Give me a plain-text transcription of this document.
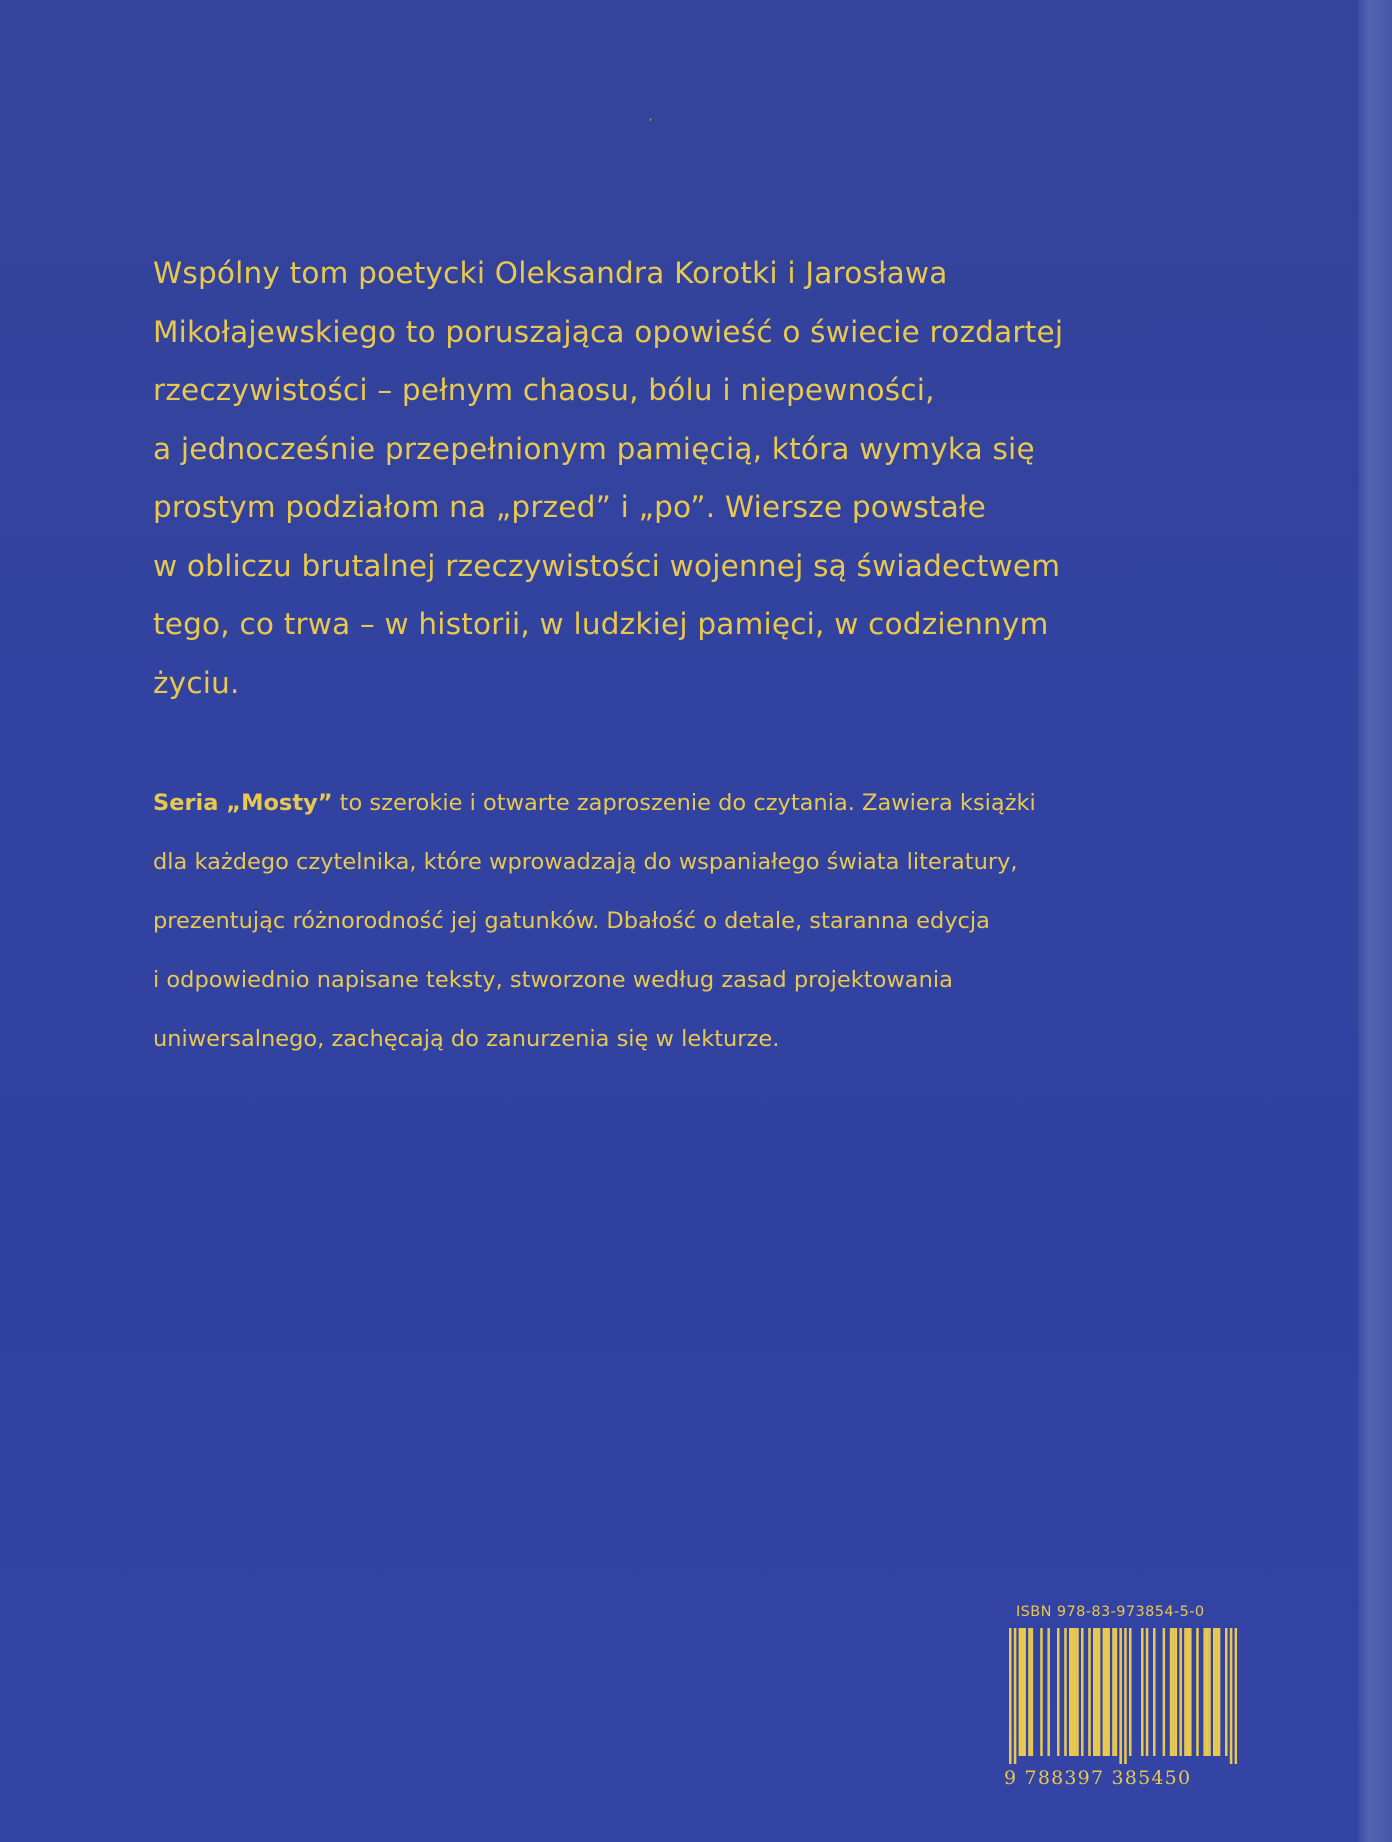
,

Wspólny tom poetycki Oleksandra Korotki i Jarosława
Mikołajewskiego to poruszająca opowieść o świecie rozdartej
rzeczywistości – pełnym chaosu, bólu i niepewności,
a jednocześnie przepełnionym pamięcią, która wymyka się
prostym podziałom na „przed” i „po”. Wiersze powstałe
w obliczu brutalnej rzeczywistości wojennej są świadectwem
tego, co trwa – w historii, w ludzkiej pamięci, w codziennym
życiu.

Seria „Mosty” to szerokie i otwarte zaproszenie do czytania. Zawiera książki
dla każdego czytelnika, które wprowadzają do wspaniałego świata literatury,
prezentując różnorodność jej gatunków. Dbałość o detale, staranna edycja
i odpowiednio napisane teksty, stworzone według zasad projektowania
uniwersalnego, zachęcają do zanurzenia się w lekturze.

ISBN 978-83-973854-5-0
9 788397 385450
